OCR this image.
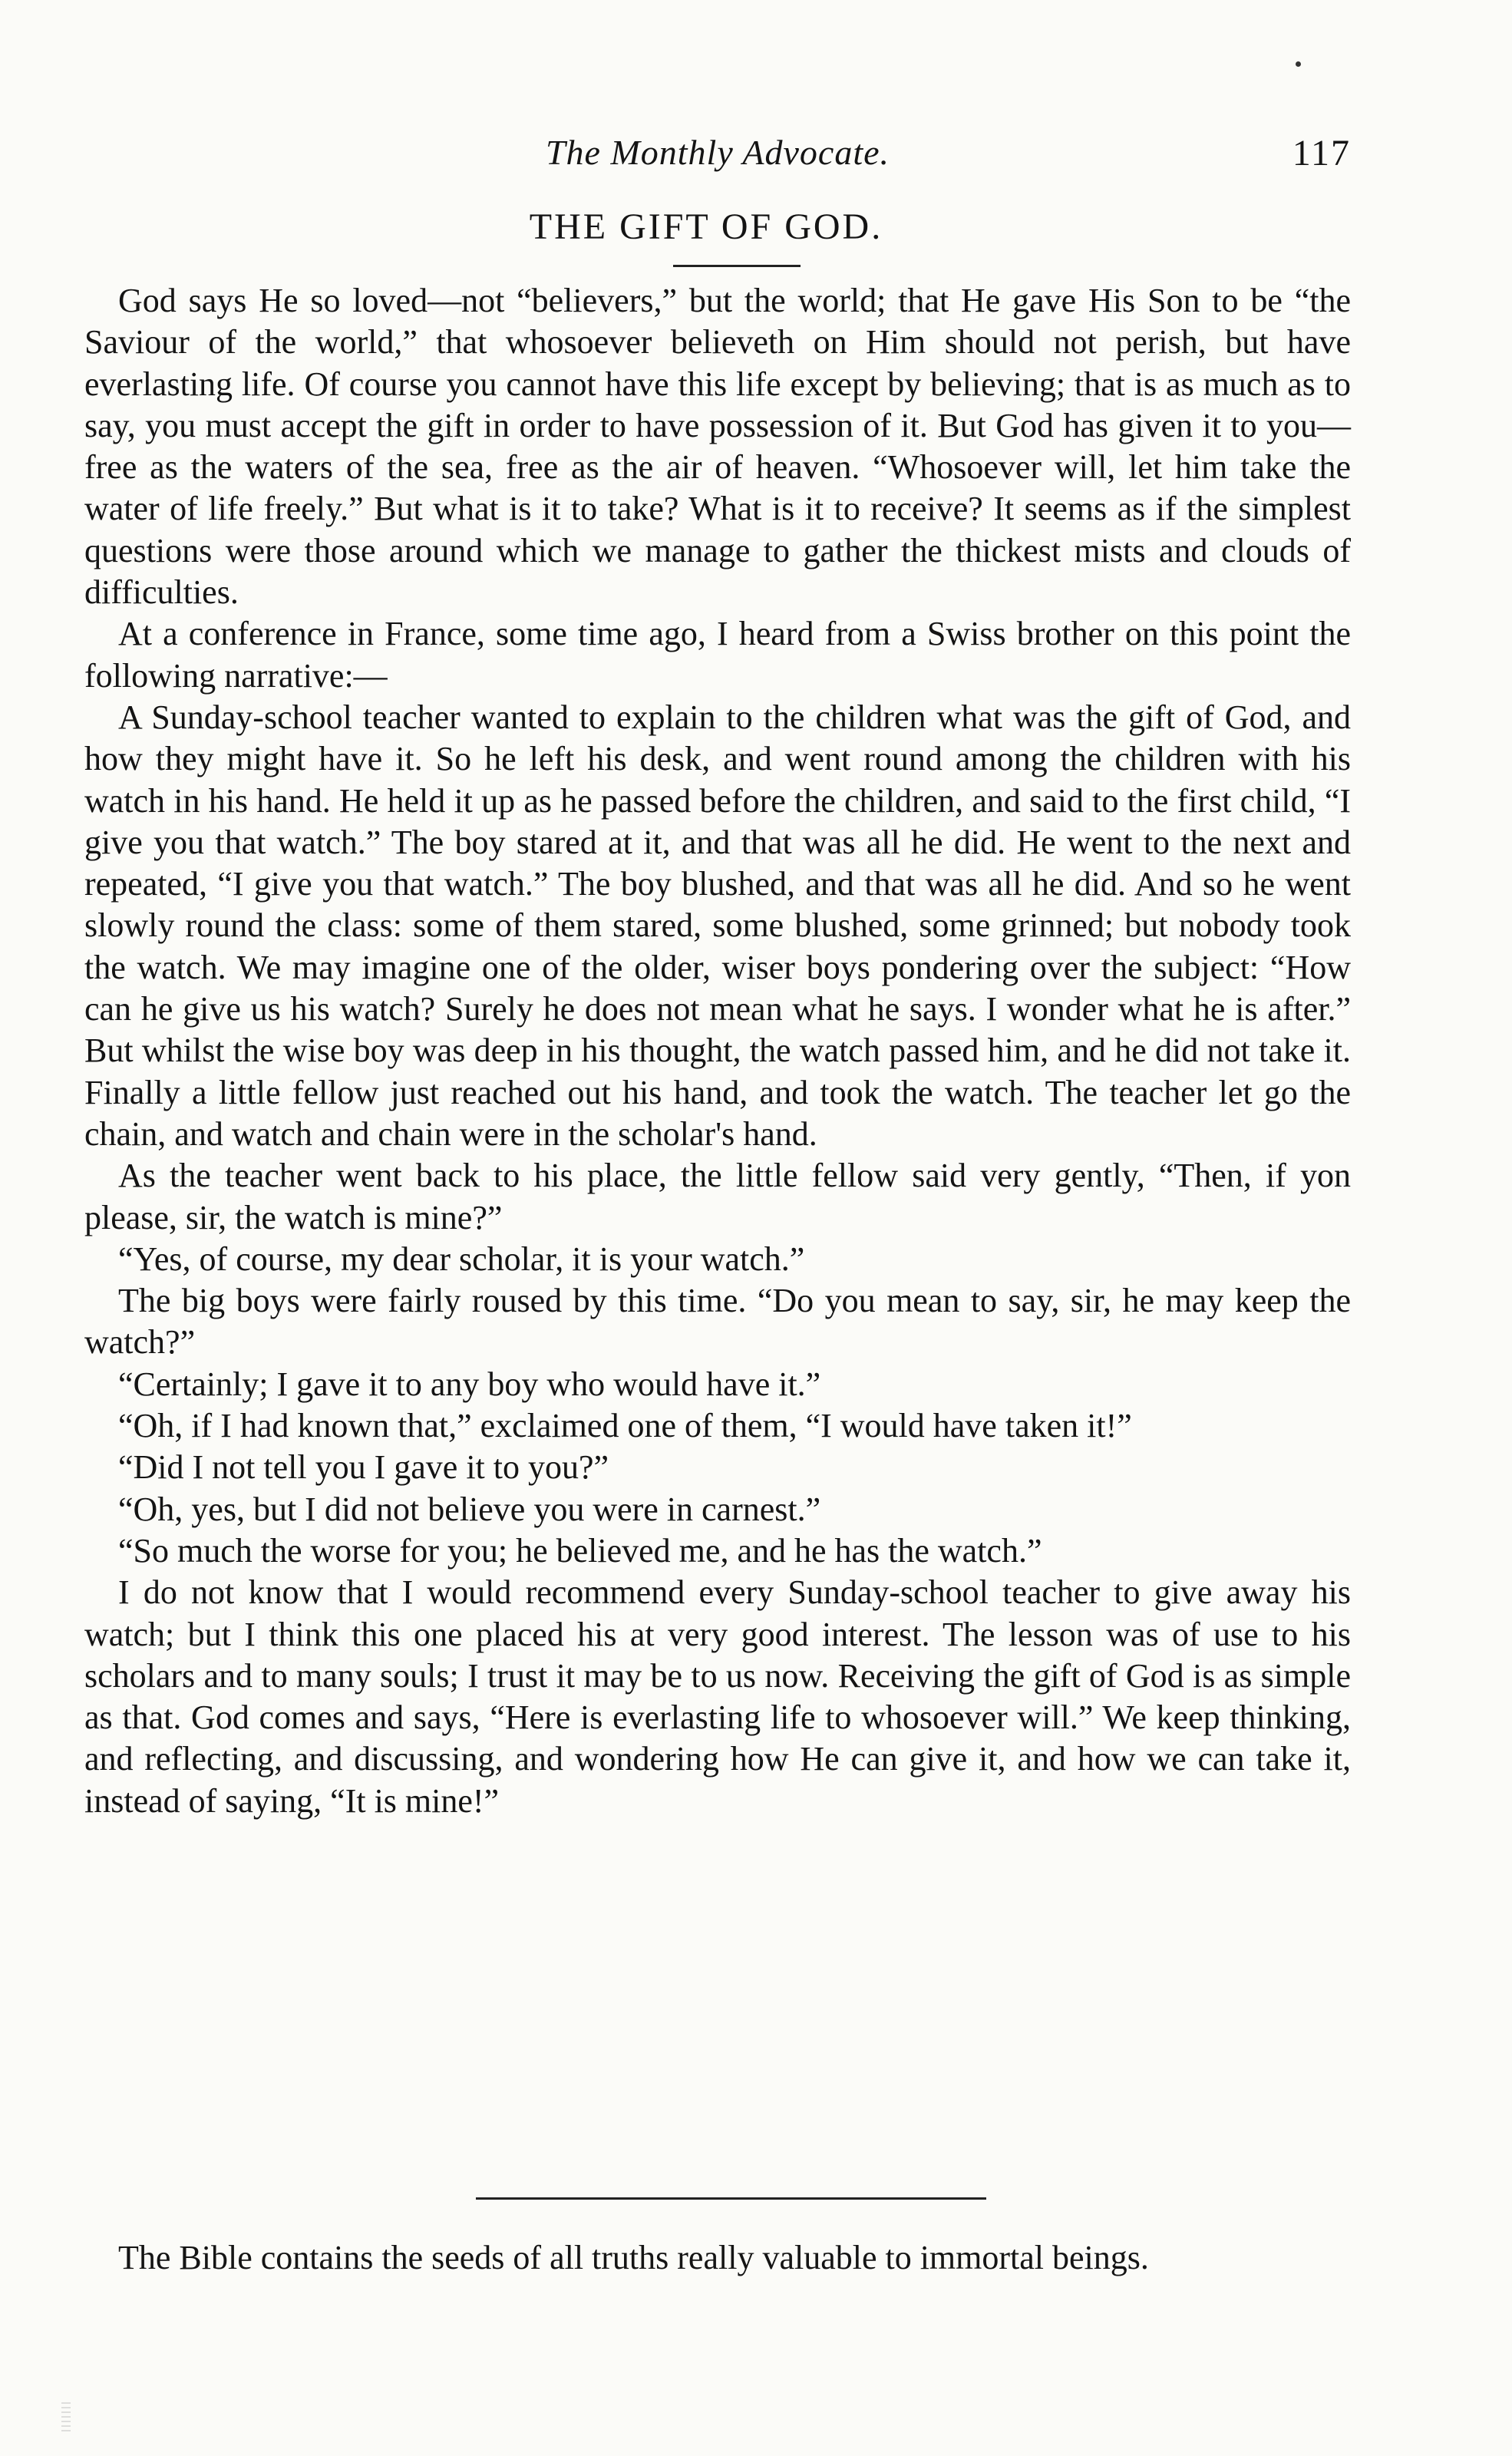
The Monthly Advocate.	117
THE GIFT OF GOD.

God says He so loved—not “believers,” but the world; that He gave His Son to be “the Saviour of the world,” that whosoever believeth on Him should not perish, but have everlasting life. Of course you cannot have this life except by believing; that is as much as to say, you must accept the gift in order to have possession of it. But God has given it to you—free as the waters of the sea, free as the air of heaven. “Whosoever will, let him take the water of life freely.” But what is it to take? What is it to receive? It seems as if the simplest questions were those around which we manage to gather the thickest mists and clouds of difficulties.

At a conference in France, some time ago, I heard from a Swiss brother on this point the following narrative:—

A Sunday-school teacher wanted to explain to the children what was the gift of God, and how they might have it. So he left his desk, and went round among the children with his watch in his hand. He held it up as he passed before the children, and said to the first child, “I give you that watch.” The boy stared at it, and that was all he did. He went to the next and repeated, “I give you that watch.” The boy blushed, and that was all he did. And so he went slowly round the class: some of them stared, some blushed, some grinned; but nobody took the watch. We may imagine one of the older, wiser boys pondering over the subject: “How can he give us his watch? Surely he does not mean what he says. I wonder what he is after.” But whilst the wise boy was deep in his thought, the watch passed him, and he did not take it. Finally a little fellow just reached out his hand, and took the watch. The teacher let go the chain, and watch and chain were in the scholar's hand.

As the teacher went back to his place, the little fellow said very gently, “Then, if yon please, sir, the watch is mine?”

“Yes, of course, my dear scholar, it is your watch.”

The big boys were fairly roused by this time. “Do you mean to say, sir, he may keep the watch?”

“Certainly; I gave it to any boy who would have it.”

“Oh, if I had known that,” exclaimed one of them, “I would have taken it!”

“Did I not tell you I gave it to you?”

“Oh, yes, but I did not believe you were in carnest.”

“So much the worse for you; he believed me, and he has the watch.”

I do not know that I would recommend every Sunday-school teacher to give away his watch; but I think this one placed his at very good interest. The lesson was of use to his scholars and to many souls; I trust it may be to us now. Receiving the gift of God is as simple as that. God comes and says, “Here is everlasting life to whosoever will.” We keep thinking, and reflecting, and discussing, and wondering how He can give it, and how we can take it, instead of saying, “It is mine!”

The Bible contains the seeds of all truths really valuable to immortal beings.
